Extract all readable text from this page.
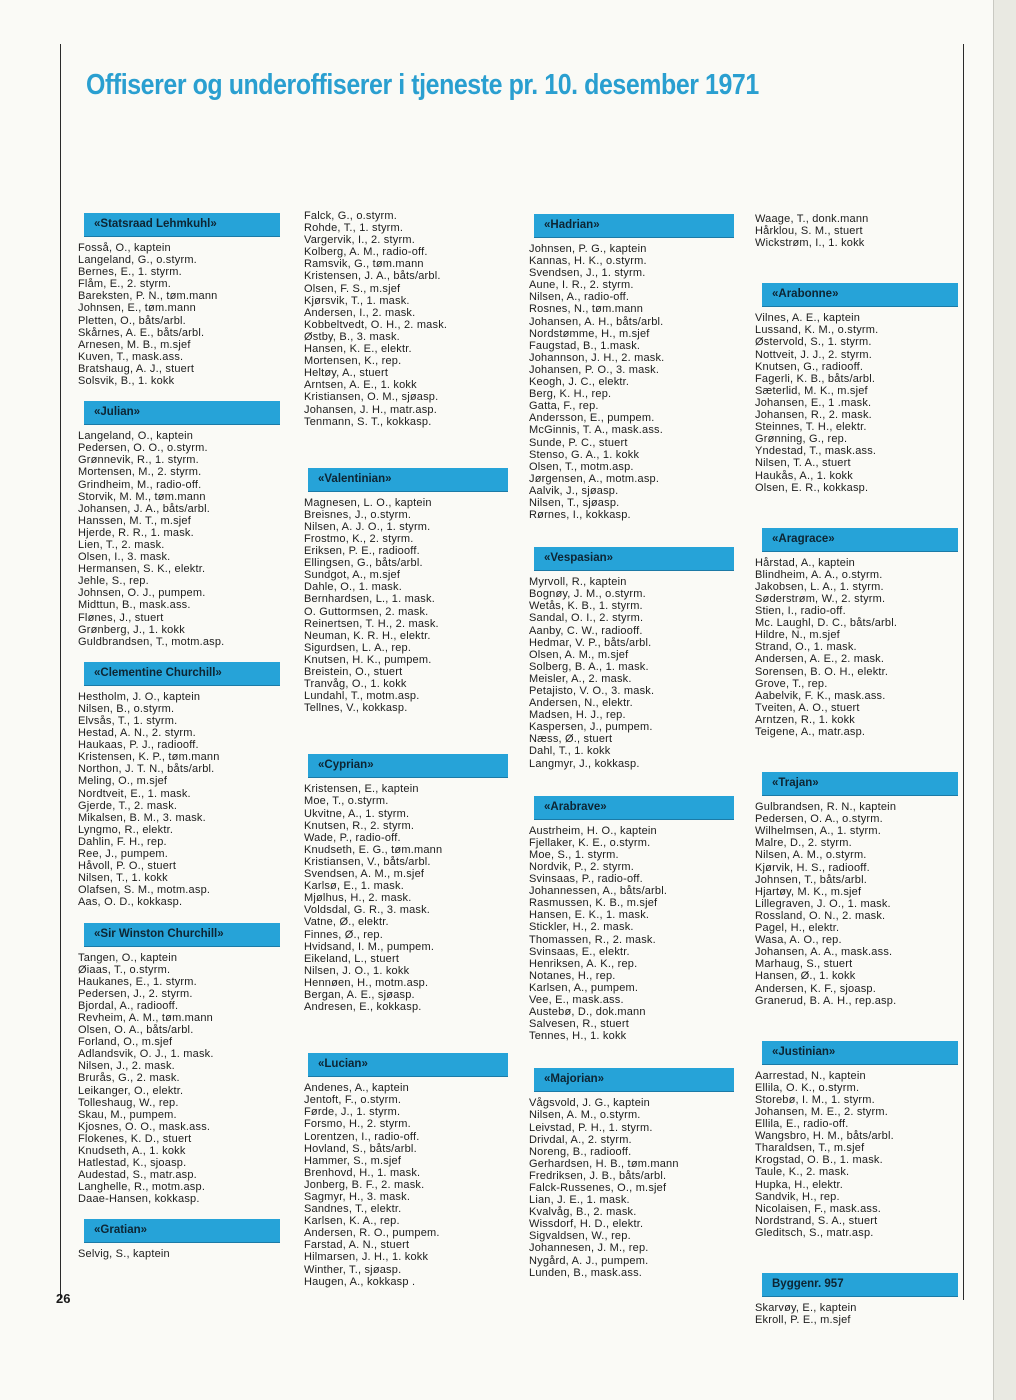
Offiserer og underoffiserer i tjeneste pr. 10. desember 1971
«Statsraad Lehmkuhl»
Fosså, O., kaptein
Langeland, G., o.styrm.
Bernes, E., 1. styrm.
Flåm, E., 2. styrm.
Bareksten, P. N., tøm.mann
Johnsen, E., tøm.mann
Pletten, O., båts/arbl.
Skårnes, A. E., båts/arbl.
Arnesen, M. B., m.sjef
Kuven, T., mask.ass.
Bratshaug, A. J., stuert
Solsvik, B., 1. kokk
«Julian»
Langeland, O., kaptein
Pedersen, O. O., o.styrm.
Grønnevik, R., 1. styrm.
Mortensen, M., 2. styrm.
Grindheim, M., radio-off.
Storvik, M. M., tøm.mann
Johansen, J. A., båts/arbl.
Hanssen, M. T., m.sjef
Hjerde, R. R., 1. mask.
Lien, T., 2. mask.
Olsen, I., 3. mask.
Hermansen, S. K., elektr.
Jehle, S., rep.
Johnsen, O. J., pumpem.
Midttun, B., mask.ass.
Flønes, J., stuert
Grønberg, J., 1. kokk
Guldbrandsen, T., motm.asp.
«Clementine Churchill»
Hestholm, J. O., kaptein
Nilsen, B., o.styrm.
Elvsås, T., 1. styrm.
Hestad, A. N., 2. styrm.
Haukaas, P. J., radiooff.
Kristensen, K. P., tøm.mann
Northon, J. T. N., båts/arbl.
Meling, O., m.sjef
Nordtveit, E., 1. mask.
Gjerde, T., 2. mask.
Mikalsen, B. M., 3. mask.
Lyngmo, R., elektr.
Dahlin, F. H., rep.
Ree, J., pumpem.
Håvoll, P. O., stuert
Nilsen, T., 1. kokk
Olafsen, S. M., motm.asp.
Aas, O. D., kokkasp.
«Sir Winston Churchill»
Tangen, O., kaptein
Øiaas, T., o.styrm.
Haukanes, E., 1. styrm.
Pedersen, J., 2. styrm.
Bjordal, A., radiooff.
Revheim, A. M., tøm.mann
Olsen, O. A., båts/arbl.
Forland, O., m.sjef
Adlandsvik, O. J., 1. mask.
Nilsen, J., 2. mask.
Brurås, G., 2. mask.
Leikanger, O., elektr.
Tolleshaug, W., rep.
Skau, M., pumpem.
Kjosnes, O. O., mask.ass.
Flokenes, K. D., stuert
Knudseth, A., 1. kokk
Hatlestad, K., sjoasp.
Audestad, S., matr.asp.
Langhelle, R., motm.asp.
Daae-Hansen, kokkasp.
«Gratian»
Selvig, S., kaptein
Falck, G., o.styrm.
Rohde, T., 1. styrm.
Vargervik, I., 2. styrm.
Kolberg, A. M., radio-off.
Ramsvik, G., tøm.mann
Kristensen, J. A., båts/arbl.
Olsen, F. S., m.sjef
Kjørsvik, T., 1. mask.
Andersen, I., 2. mask.
Kobbeltvedt, O. H., 2. mask.
Østby, B., 3. mask.
Hansen, K. E., elektr.
Mortensen, K., rep.
Heltøy, A., stuert
Arntsen, A. E., 1. kokk
Kristiansen, O. M., sjøasp.
Johansen, J. H., matr.asp.
Tenmann, S. T., kokkasp.
«Valentinian»
Magnesen, L. O., kaptein
Breisnes, J., o.styrm.
Nilsen, A. J. O., 1. styrm.
Frostmo, K., 2. styrm.
Eriksen, P. E., radiooff.
Ellingsen, G., båts/arbl.
Sundgot, A., m.sjef
Dahle, O., 1. mask.
Bernhardsen, L., 1. mask.
O. Guttormsen, 2. mask.
Reinertsen, T. H., 2. mask.
Neuman, K. R. H., elektr.
Sigurdsen, L. A., rep.
Knutsen, H. K., pumpem.
Breistein, O., stuert
Tranvåg, O., 1. kokk
Lundahl, T., motm.asp.
Tellnes, V., kokkasp.
«Cyprian»
Kristensen, E., kaptein
Moe, T., o.styrm.
Ukvitne, A., 1. styrm.
Knutsen, R., 2. styrm.
Wade, P., radio-off.
Knudseth, E. G., tøm.mann
Kristiansen, V., båts/arbl.
Svendsen, A. M., m.sjef
Karlsø, E., 1. mask.
Mjølhus, H., 2. mask.
Voldsdal, G. R., 3. mask.
Vatne, Ø., elektr.
Finnes, Ø., rep.
Hvidsand, I. M., pumpem.
Eikeland, L., stuert
Nilsen, J. O., 1. kokk
Hennøen, H., motm.asp.
Bergan, A. E., sjøasp.
Andresen, E., kokkasp.
«Lucian»
Andenes, A., kaptein
Jentoft, F., o.styrm.
Førde, J., 1. styrm.
Forsmo, H., 2. styrm.
Lorentzen, I., radio-off.
Hovland, S., båts/arbl.
Hammer, S., m.sjef
Brenhovd, H., 1. mask.
Jonberg, B. F., 2. mask.
Sagmyr, H., 3. mask.
Sandnes, T., elektr.
Karlsen, K. A., rep.
Andersen, R. O., pumpem.
Farstad, A. N., stuert
Hilmarsen, J. H., 1. kokk
Winther, T., sjøasp.
Haugen, A., kokkasp .
«Hadrian»
Johnsen, P. G., kaptein
Kannas, H. K., o.styrm.
Svendsen, J., 1. styrm.
Aune, I. R., 2. styrm.
Nilsen, A., radio-off.
Rosnes, N., tøm.mann
Johansen, A. H., båts/arbl.
Nordstømme, H., m.sjef
Faugstad, B., 1.mask.
Johannson, J. H., 2. mask.
Johansen, P. O., 3. mask.
Keogh, J. C., elektr.
Berg, K. H., rep.
Gatta, F., rep.
Andersson, E., pumpem.
McGinnis, T. A., mask.ass.
Sunde, P. C., stuert
Stenso, G. A., 1. kokk
Olsen, T., motm.asp.
Jørgensen, A., motm.asp.
Aalvik, J., sjøasp.
Nilsen, T., sjøasp.
Rørnes, I., kokkasp.
«Vespasian»
Myrvoll, R., kaptein
Bognøy, J. M., o.styrm.
Wetås, K. B., 1. styrm.
Sandal, O. I., 2. styrm.
Aanby, C. W., radiooff.
Hedmar, V. P., båts/arbl.
Olsen, A. M., m.sjef
Solberg, B. A., 1. mask.
Meisler, A., 2. mask.
Petajisto, V. O., 3. mask.
Andersen, N., elektr.
Madsen, H. J., rep.
Kaspersen, J., pumpem.
Næss, Ø., stuert
Dahl, T., 1. kokk
Langmyr, J., kokkasp.
«Arabrave»
Austrheim, H. O., kaptein
Fjellaker, K. E., o.styrm.
Moe, S., 1. styrm.
Nordvik, P., 2. styrm.
Svinsaas, P., radio-off.
Johannessen, A., båts/arbl.
Rasmussen, K. B., m.sjef
Hansen, E. K., 1. mask.
Stickler, H., 2. mask.
Thomassen, R., 2. mask.
Svinsaas, E., elektr.
Henriksen, A. K., rep.
Notanes, H., rep.
Karlsen, A., pumpem.
Vee, E., mask.ass.
Austebø, D., dok.mann
Salvesen, R., stuert
Tennes, H., 1. kokk
«Majorian»
Vågsvold, J. G., kaptein
Nilsen, A. M., o.styrm.
Leivstad, P. H., 1. styrm.
Drivdal, A., 2. styrm.
Noreng, B., radiooff.
Gerhardsen, H. B., tøm.mann
Fredriksen, J. B., båts/arbl.
Falck-Russenes, O., m.sjef
Lian, J. E., 1. mask.
Kvalvåg, B., 2. mask.
Wissdorf, H. D., elektr.
Sigvaldsen, W., rep.
Johannesen, J. M., rep.
Nygård, A. J., pumpem.
Lunden, B., mask.ass.
Waage, T., donk.mann
Hårklou, S. M., stuert
Wickstrøm, I., 1. kokk
«Arabonne»
Vilnes, A. E., kaptein
Lussand, K. M., o.styrm.
Østervold, S., 1. styrm.
Nottveit, J. J., 2. styrm.
Knutsen, G., radiooff.
Fagerli, K. B., båts/arbl.
Sæterlid, M. K., m.sjef
Johansen, E., 1 .mask.
Johansen, R., 2. mask.
Steinnes, T. H., elektr.
Grønning, G., rep.
Yndestad, T., mask.ass.
Nilsen, T. A., stuert
Haukås, A., 1. kokk
Olsen, E. R., kokkasp.
«Aragrace»
Hårstad, A., kaptein
Blindheim, A. A., o.styrm.
Jakobsen, L. A., 1. styrm.
Søderstrøm, W., 2. styrm.
Stien, I., radio-off.
Mc. Laughl, D. C., båts/arbl.
Hildre, N., m.sjef
Strand, O., 1. mask.
Andersen, A. E., 2. mask.
Sorensen, B. O. H., elektr.
Grove, T., rep.
Aabelvik, F. K., mask.ass.
Tveiten, A. O., stuert
Arntzen, R., 1. kokk
Teigene, A., matr.asp.
«Trajan»
Gulbrandsen, R. N., kaptein
Pedersen, O. A., o.styrm.
Wilhelmsen, A., 1. styrm.
Malre, D., 2. styrm.
Nilsen, A. M., o.styrm.
Kjørvik, H. S., radiooff.
Johnsen, T., båts/arbl.
Hjartøy, M. K., m.sjef
Lillegraven, J. O., 1. mask.
Rossland, O. N., 2. mask.
Pagel, H., elektr.
Wasa, A. O., rep.
Johansen, A. A., mask.ass.
Marhaug, S., stuert
Hansen, Ø., 1. kokk
Andersen, K. F., sjoasp.
Granerud, B. A. H., rep.asp.
«Justinian»
Aarrestad, N., kaptein
Ellila, O. K., o.styrm.
Storebø, I. M., 1. styrm.
Johansen, M. E., 2. styrm.
Ellila, E., radio-off.
Wangsbro, H. M., båts/arbl.
Tharaldsen, T., m.sjef
Krogstad, O. B., 1. mask.
Taule, K., 2. mask.
Hupka, H., elektr.
Sandvik, H., rep.
Nicolaisen, F., mask.ass.
Nordstrand, S. A., stuert
Gleditsch, S., matr.asp.
Byggenr. 957
Skarvøy, E., kaptein
Ekroll, P. E., m.sjef
26
